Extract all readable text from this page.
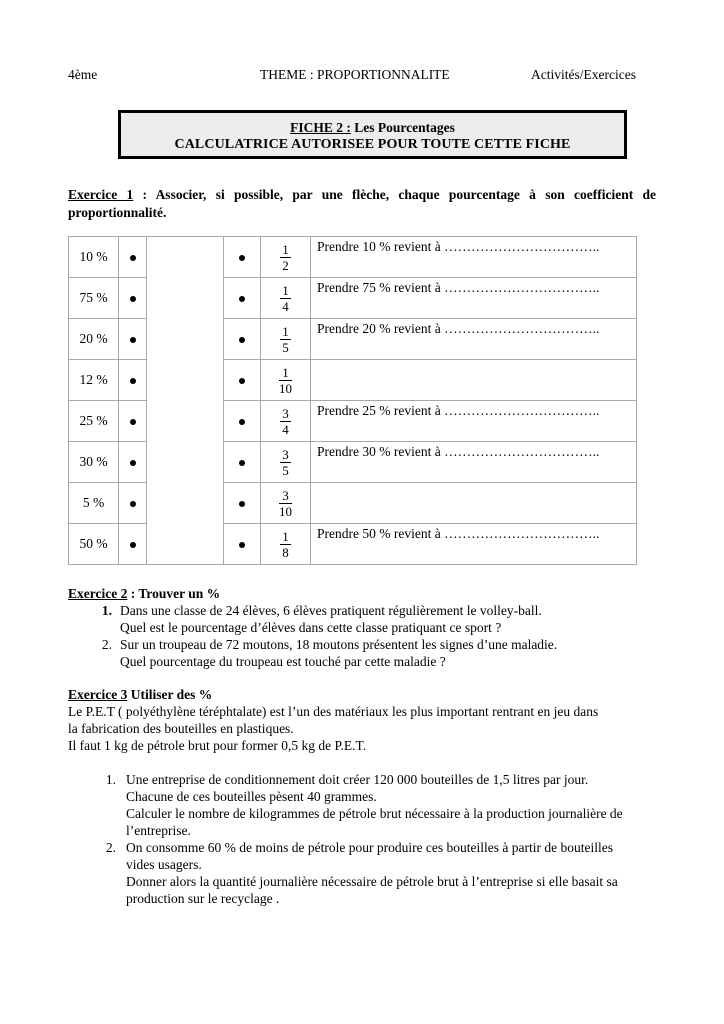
4ème	THEME : PROPORTIONNALITE	Activités/Exercices
FICHE 2 : Les Pourcentages
CALCULATRICE AUTORISEE POUR TOUTE CETTE FICHE
Exercice 1 : Associer, si possible, par une flèche, chaque pourcentage à son coefficient de proportionnalité.
10 %				$\frac{1}{2}$	Prendre 10 % revient à ……………………………..
75 %				$\frac{1}{4}$	Prendre 75 % revient à ……………………………..
20 %				$\frac{1}{5}$	Prendre 20 % revient à ……………………………..
12 %				$\frac{1}{10}$

25 %				$\frac{3}{4}$	Prendre 25 % revient à ……………………………..
30 %				$\frac{3}{5}$	Prendre 30 % revient à ……………………………..
5 %				$\frac{3}{10}$

50 %				$\frac{1}{8}$	Prendre 50 % revient à ……………………………..
Exercice 2 : Trouver un %
1. Dans une classe de 24 élèves, 6 élèves pratiquent régulièrement le volley-ball.
Quel est le pourcentage d’élèves dans cette classe pratiquant ce sport ?
2. Sur un troupeau de 72 moutons, 18 moutons présentent les signes d’une maladie.
Quel pourcentage du troupeau est touché par cette maladie ?
Exercice 3 Utiliser des %
Le P.E.T ( polyéthylène téréphtalate) est l’un des matériaux les plus important rentrant en jeu dans
la fabrication des bouteilles en plastiques.
Il faut 1 kg de pétrole brut pour former 0,5 kg de P.E.T.
1. Une entreprise de conditionnement doit créer 120 000 bouteilles de 1,5 litres par jour.
Chacune de ces bouteilles pèsent 40 grammes.
Calculer le nombre de kilogrammes de pétrole brut nécessaire à la production journalière de
l’entreprise.
2. On consomme 60 % de moins de pétrole pour produire ces bouteilles à partir de bouteilles
vides usagers.
Donner alors la quantité journalière nécessaire de pétrole brut à l’entreprise si elle basait sa
production sur le recyclage .
